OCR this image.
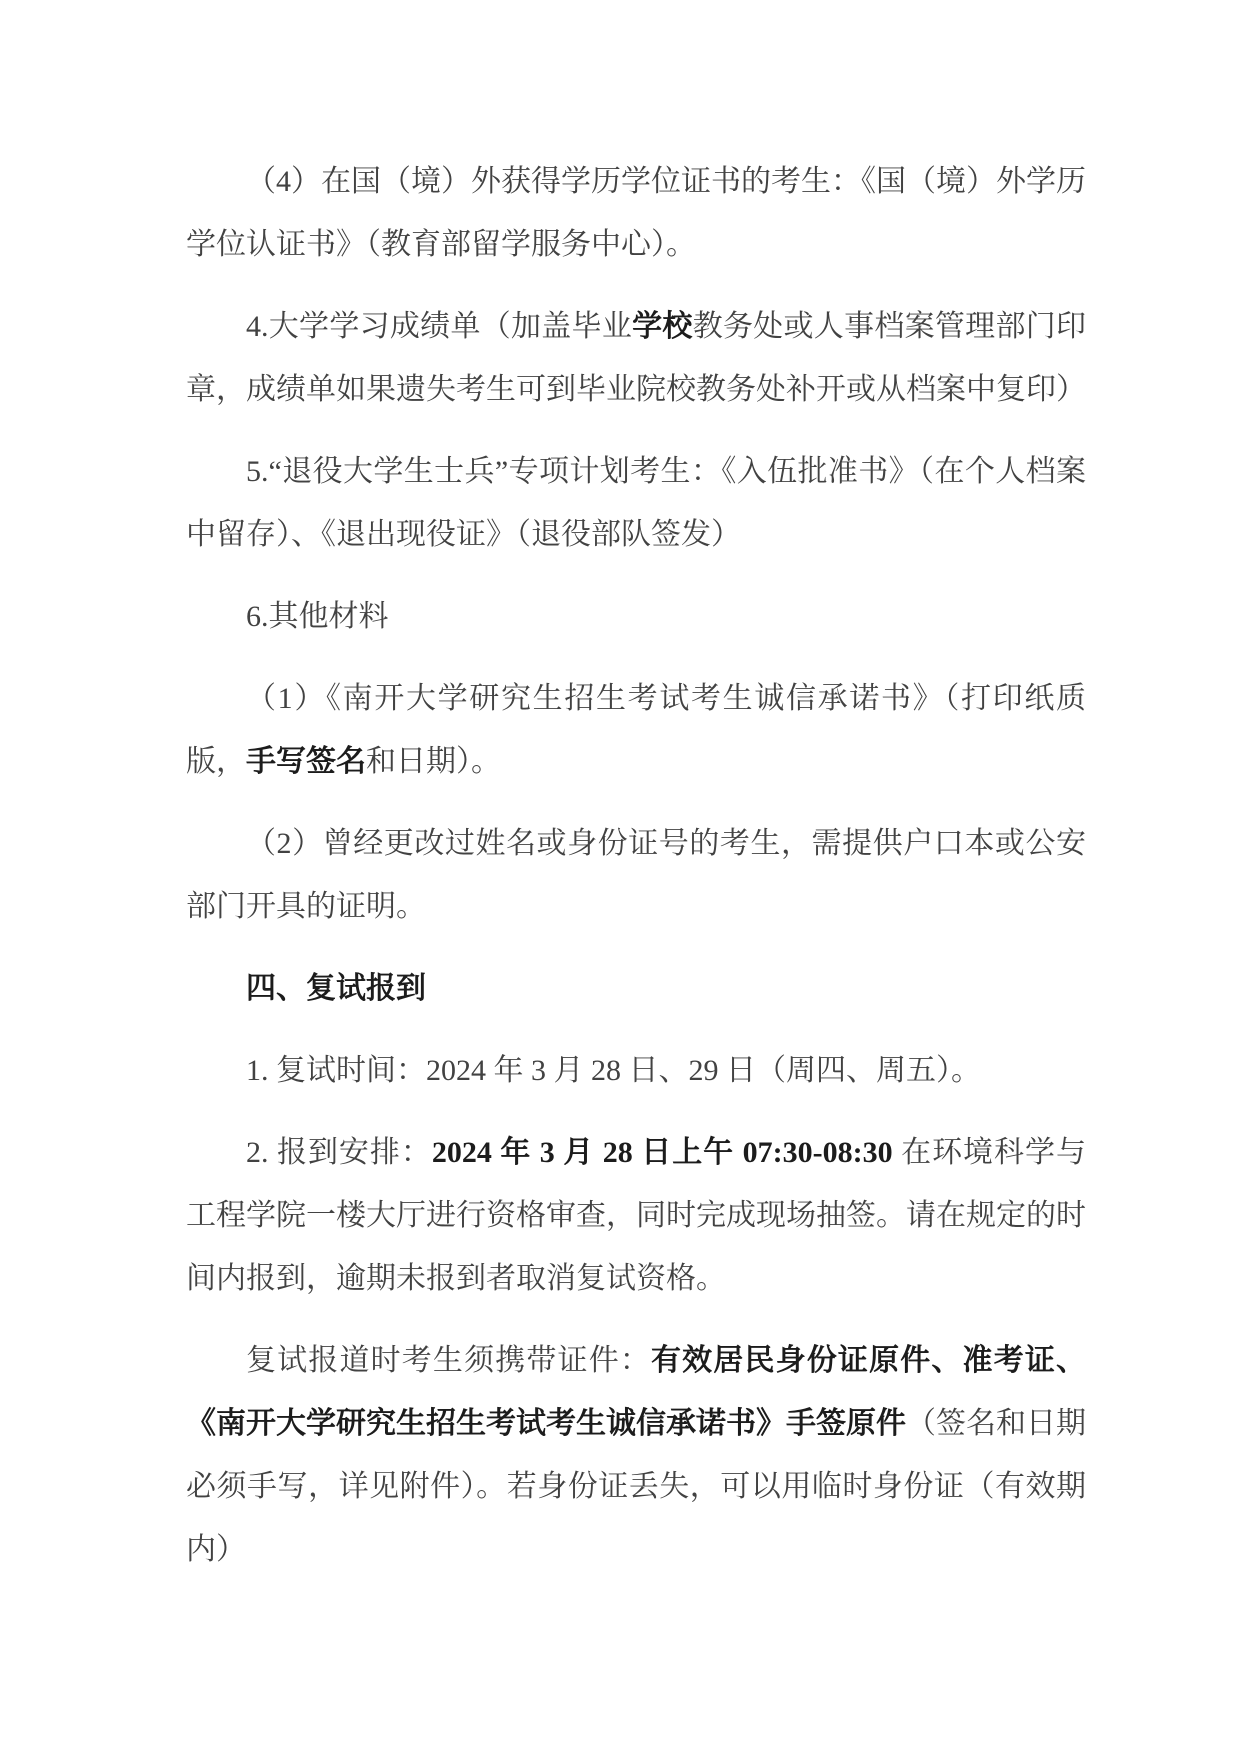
（4）在国（境）外获得学历学位证书的考生：《国（境）外学历学位认证书》（教育部留学服务中心）。

4.大学学习成绩单（加盖毕业学校教务处或人事档案管理部门印章，成绩单如果遗失考生可到毕业院校教务处补开或从档案中复印）

5.“退役大学生士兵”专项计划考生：《入伍批准书》（在个人档案中留存）、《退出现役证》（退役部队签发）

6.其他材料

（1）《南开大学研究生招生考试考生诚信承诺书》（打印纸质版，手写签名和日期）。

（2）曾经更改过姓名或身份证号的考生，需提供户口本或公安部门开具的证明。

四、复试报到

1. 复试时间：2024 年 3 月 28 日、29 日（周四、周五）。

2. 报到安排：2024 年 3 月 28 日上午 07:30-08:30 在环境科学与工程学院一楼大厅进行资格审查，同时完成现场抽签。请在规定的时间内报到，逾期未报到者取消复试资格。

复试报道时考生须携带证件：有效居民身份证原件、准考证、《南开大学研究生招生考试考生诚信承诺书》手签原件（签名和日期必须手写，详见附件）。若身份证丢失，可以用临时身份证（有效期内）
